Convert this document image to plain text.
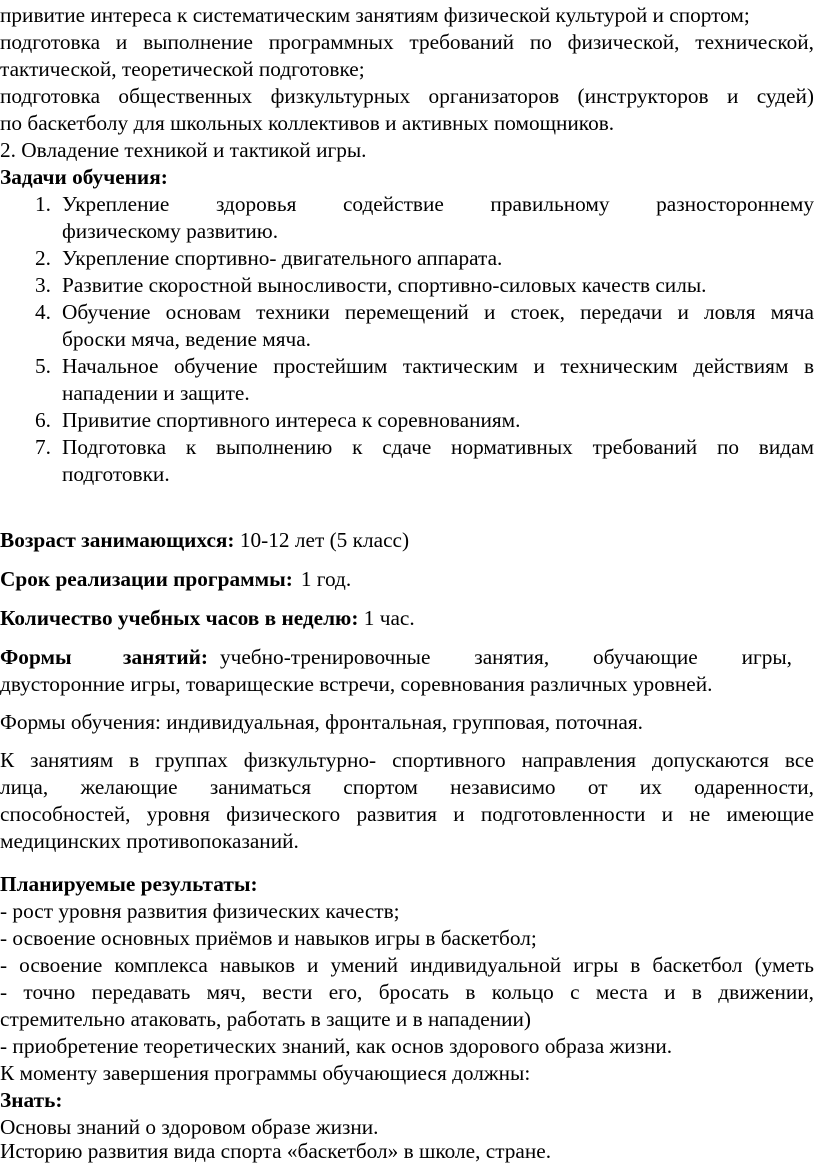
привитие интереса к систематическим занятиям физической культурой и спортом;
подготовка и выполнение программных требований по физической, технической,
тактической, теоретической подготовке;
подготовка общественных физкультурных организаторов (инструкторов и судей)
по баскетболу для школьных коллективов и активных помощников.
2. Овладение техникой и тактикой игры.
Задачи обучения:
1. Укрепление здоровья содействие правильному разностороннему
физическому развитию.
2. Укрепление спортивно- двигательного аппарата.
3. Развитие скоростной выносливости, спортивно-силовых качеств силы.
4. Обучение основам техники перемещений и стоек, передачи и ловля мяча
броски мяча, ведение мяча.
5. Начальное обучение простейшим тактическим и техническим действиям в
нападении и защите.
6. Привитие спортивного интереса к соревнованиям.
7. Подготовка к выполнению к сдаче нормативных требований по видам
подготовки.
Возраст занимающихся: 10-12 лет (5 класс)
Срок реализации программы: 1 год.
Количество учебных часов в неделю: 1 час.
Формы занятий: учебно-тренировочные занятия, обучающие игры,
двусторонние игры, товарищеские встречи, соревнования различных уровней.
Формы обучения: индивидуальная, фронтальная, групповая, поточная.
К занятиям в группах физкультурно- спортивного направления допускаются все
лица, желающие заниматься спортом независимо от их одаренности,
способностей, уровня физического развития и подготовленности и не имеющие
медицинских противопоказаний.
Планируемые результаты:
- рост уровня развития физических качеств;
- освоение основных приёмов и навыков игры в баскетбол;
- освоение комплекса навыков и умений индивидуальной игры в баскетбол (уметь
- точно передавать мяч, вести его, бросать в кольцо с места и в движении,
стремительно атаковать, работать в защите и в нападении)
- приобретение теоретических знаний, как основ здорового образа жизни.
К моменту завершения программы обучающиеся должны:
Знать:
Основы знаний о здоровом образе жизни.
Историю развития вида спорта «баскетбол» в школе, стране.
